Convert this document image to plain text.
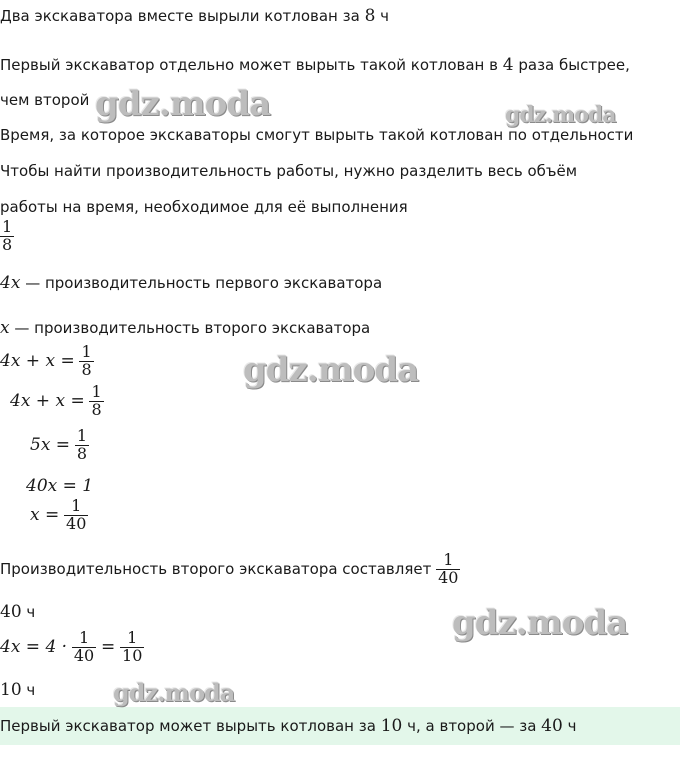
Два экскаватора вместе вырыли котлован за 8 ч
Первый экскаватор отдельно может вырыть такой котлован в 4 раза быстрее,
чем второй
Время, за которое экскаваторы смогут вырыть такой котлован по отдельности
Чтобы найти производительность работы, нужно разделить весь объём
работы на время, необходимое для её выполнения
$\frac{1}{8}$
4x — производительность первого экскаватора
x — производительность второго экскаватора
$4x + x = \frac{1}{8}$
$4x + x = \frac{1}{8}$
$5x = \frac{1}{8}$
40x = 1
$x = \frac{1}{40}$
Производительность второго экскаватора составляет $\frac{1}{40}$
40 ч
$4x = 4 \cdot \frac{1}{40} = \frac{1}{10}$
10 ч
Первый экскаватор может вырыть котлован за 10 ч, а второй — за 40 ч
gdz.moda	gdz.moda
gdz.moda
gdz.moda
gdz.moda
